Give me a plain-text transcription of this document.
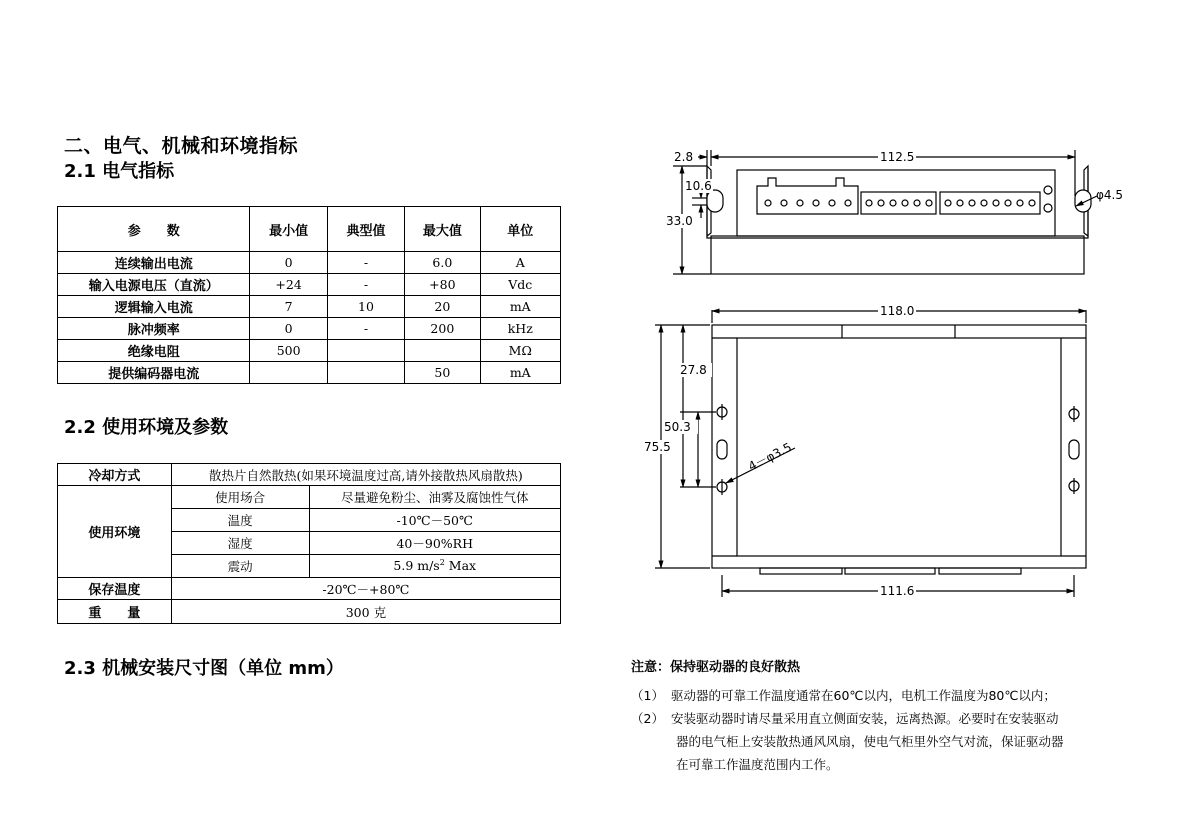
二、电气、机械和环境指标
2.1 电气指标
2.2 使用环境及参数
2.3 机械安装尺寸图（单位 mm）
参　　数	最小值	典型值	最大值	单位
连续输出电流	0	-	6.0	A
输入电源电压（直流）	+24	-	+80	Vdc
逻辑输入电流	7	10	20	mA
脉冲频率	0	-	200	kHz
绝缘电阻	500			MΩ
提供编码器电流			50	mA
冷却方式	散热片自然散热(如果环境温度过高,请外接散热风扇散热)	
使用环境	使用场合	尽量避免粉尘、油雾及腐蚀性气体
	温度	-10℃－50℃
	湿度	40－90%RH
	震动	5.9 $m/s^2$ Max
保存温度	-20℃－+80℃	
重　　量	300 克	
2.8	112.5
10.6
φ4.5
33.0
118.0
27.8
50.3
75.5	4－φ3.5
111.6
注意：保持驱动器的良好散热
（1） 驱动器的可靠工作温度通常在60℃以内，电机工作温度为80℃以内；
（2） 安装驱动器时请尽量采用直立侧面安装，远离热源。必要时在安装驱动
器的电气柜上安装散热通风风扇，使电气柜里外空气对流，保证驱动器
在可靠工作温度范围内工作。
